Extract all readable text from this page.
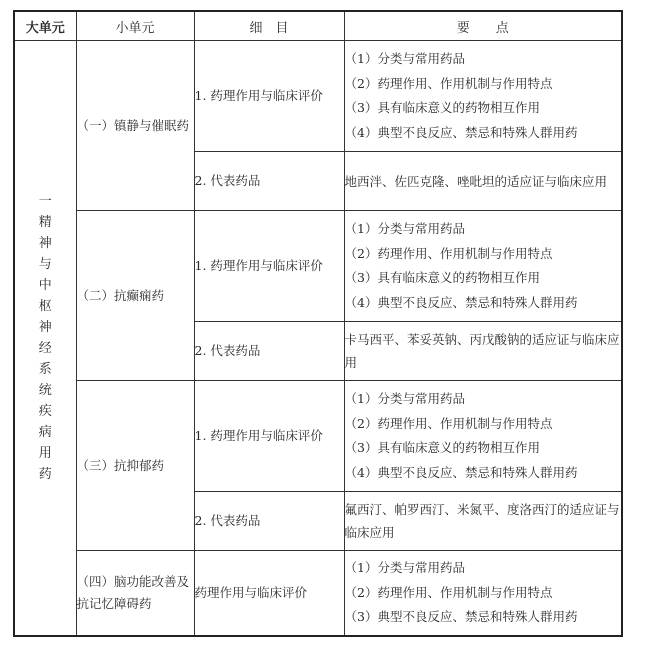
大单元	小单元	细　目	要　　点
一精神与中枢神经系统疾病用药	（一）镇静与催眠药	1. 药理作用与临床评价	（1）分类与常用药品
（2）药理作用、作用机制与作用特点
（3）具有临床意义的药物相互作用
（4）典型不良反应、禁忌和特殊人群用药

		2. 代表药品	地西泮、佐匹克隆、唑吡坦的适应证与临床应用

	（二）抗癫痫药	1. 药理作用与临床评价	（1）分类与常用药品
（2）药理作用、作用机制与作用特点
（3）具有临床意义的药物相互作用
（4）典型不良反应、禁忌和特殊人群用药

		2. 代表药品	卡马西平、苯妥英钠、丙戊酸钠的适应证与临床应用

	（三）抗抑郁药	1. 药理作用与临床评价	（1）分类与常用药品
（2）药理作用、作用机制与作用特点
（3）具有临床意义的药物相互作用
（4）典型不良反应、禁忌和特殊人群用药

		2. 代表药品	氟西汀、帕罗西汀、米氮平、度洛西汀的适应证与临床应用

	（四）脑功能改善及抗记忆障碍药	药理作用与临床评价	（1）分类与常用药品
（2）药理作用、作用机制与作用特点
（3）典型不良反应、禁忌和特殊人群用药
